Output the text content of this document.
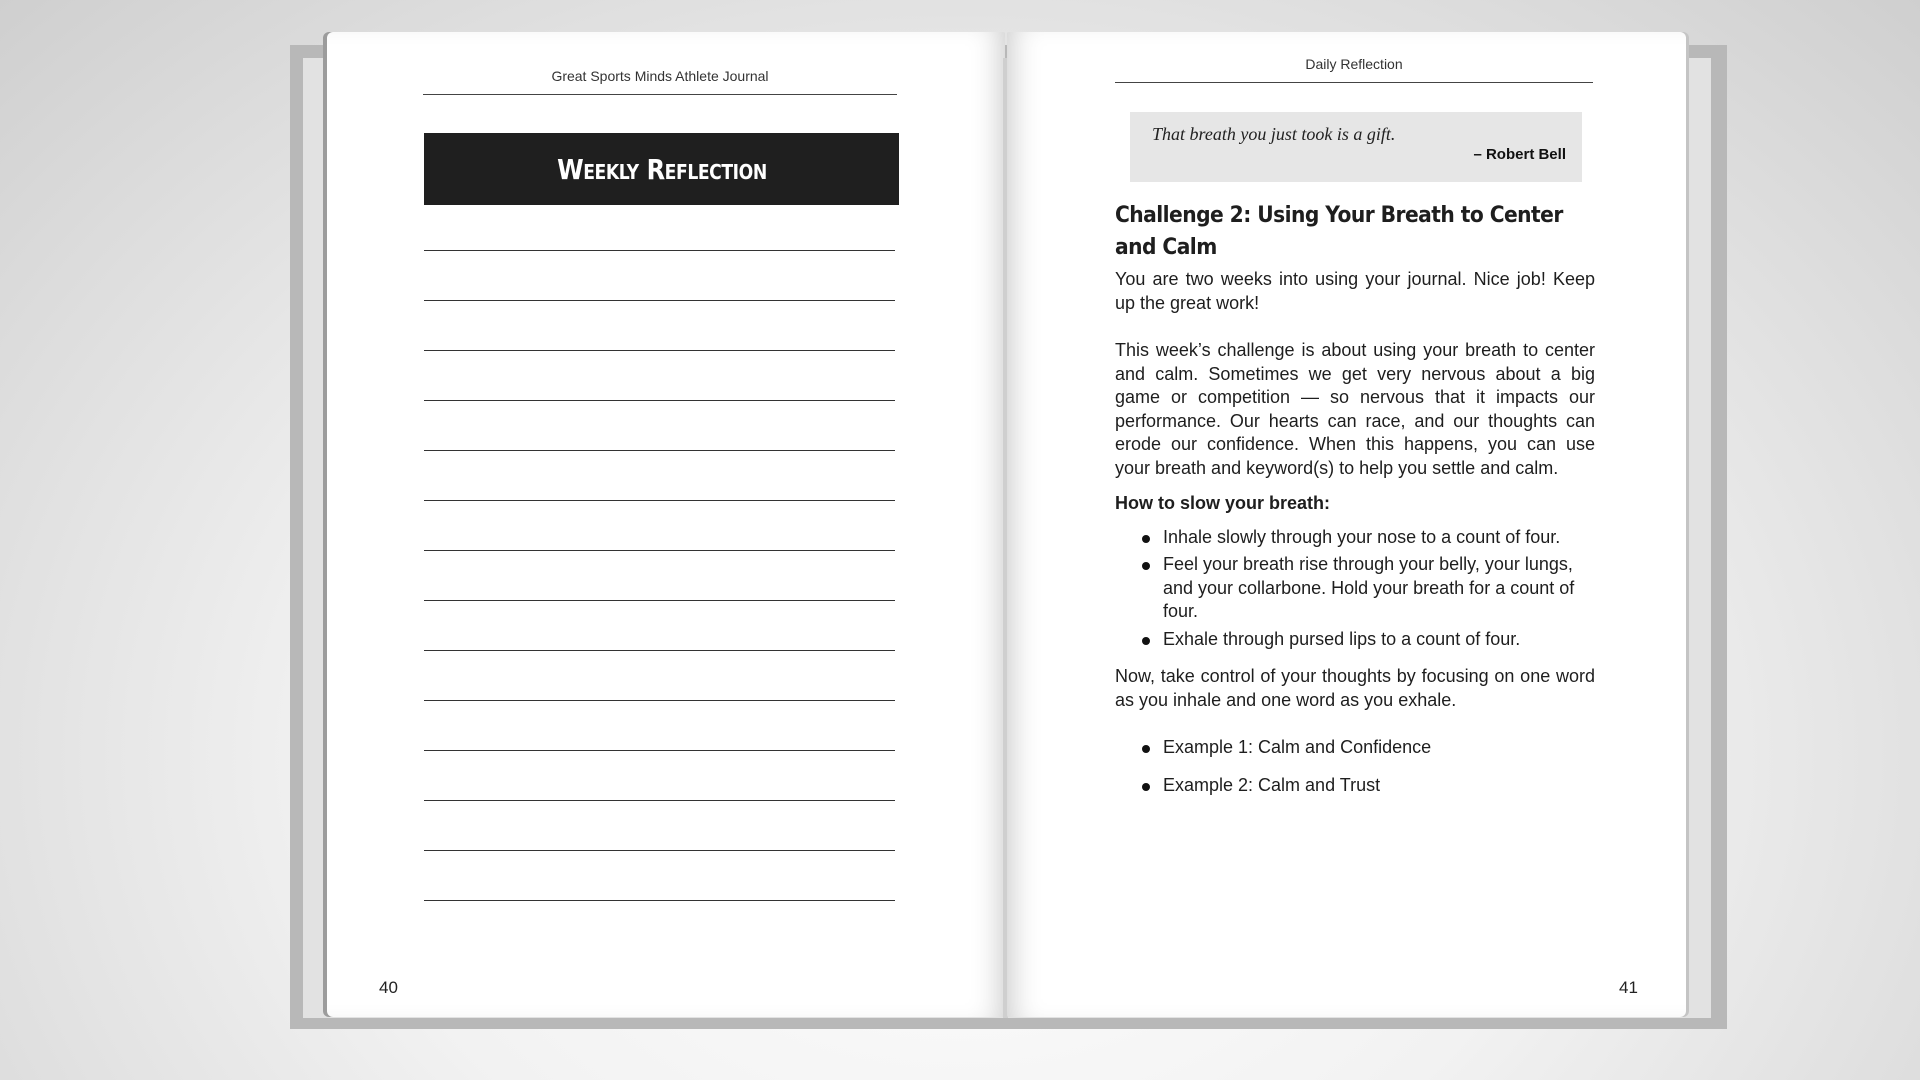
Great Sports Minds Athlete Journal
Weekly Reflection
40
Daily Reflection
That breath you just took is a gift.
– Robert Bell
Challenge 2: Using Your Breath to Center and Calm

You are two weeks into using your journal. Nice job! Keep up the great work!

This week’s challenge is about using your breath to center and calm. Sometimes we get very nervous about a big game or competition — so nervous that it impacts our performance. Our hearts can race, and our thoughts can erode our confidence. When this happens, you can use your breath and keyword(s) to help you settle and calm.

How to slow your breath:

Inhale slowly through your nose to a count of four.
Feel your breath rise through your belly, your lungs, and your collarbone. Hold your breath for a count of four.
Exhale through pursed lips to a count of four.

Now, take control of your thoughts by focusing on one word as you inhale and one word as you exhale.

Example 1: Calm and Confidence
Example 2: Calm and Trust
41
